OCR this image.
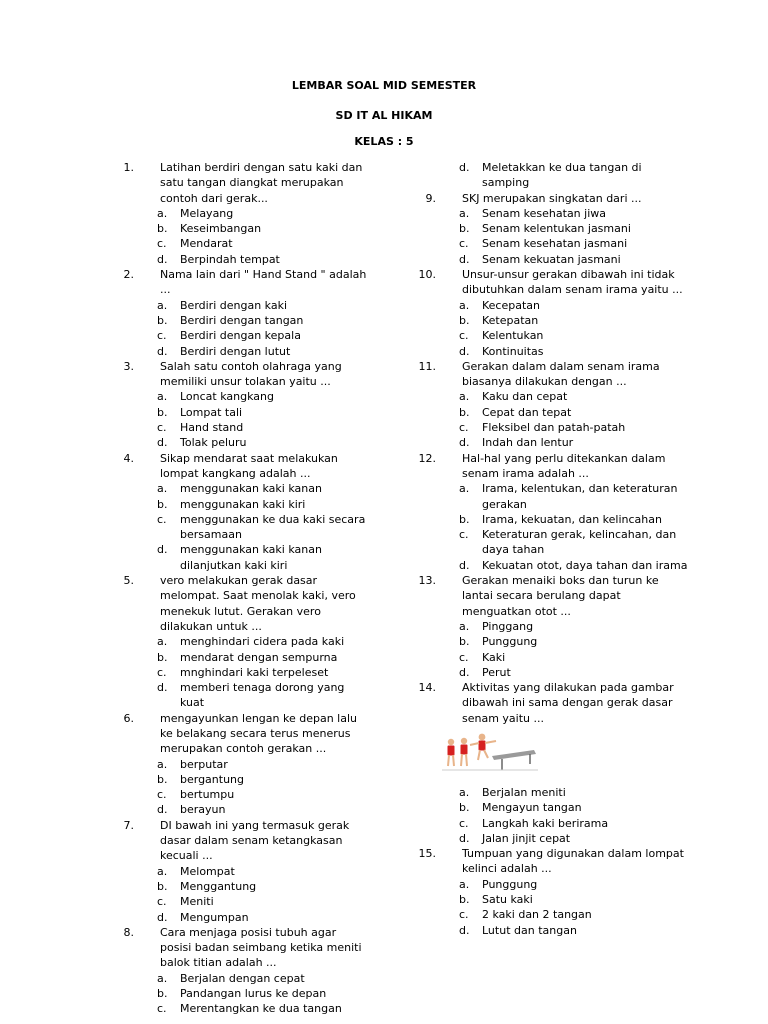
LEMBAR SOAL MID SEMESTER
SD IT AL HIKAM
KELAS : 5
1. Latihan berdiri dengan satu kaki dan satu tangan diangkat merupakan contoh dari gerak...
a.	Melayang
b.	Keseimbangan
c.	Mendarat
d.	Berpindah tempat
2. Nama lain dari " Hand Stand " adalah ...
a.	Berdiri dengan kaki
b.	Berdiri dengan tangan
c.	Berdiri dengan kepala
d.	Berdiri dengan lutut
3. Salah satu contoh olahraga yang memiliki unsur tolakan yaitu ...
a.	Loncat kangkang
b.	Lompat tali
c.	Hand stand
d.	Tolak peluru
4. Sikap mendarat saat melakukan lompat kangkang adalah ...
a.	menggunakan kaki kanan
b.	menggunakan kaki kiri
c.	menggunakan ke dua kaki secara bersamaan
d.	menggunakan kaki kanan dilanjutkan kaki kiri
5. vero melakukan gerak dasar melompat. Saat menolak kaki, vero menekuk lutut. Gerakan vero dilakukan untuk ...
a.	menghindari cidera pada kaki
b.	mendarat dengan sempurna
c.	mnghindari kaki terpeleset
d.	memberi tenaga dorong yang kuat
6. mengayunkan lengan ke depan lalu ke belakang secara terus menerus merupakan contoh gerakan ...
a.	berputar
b.	bergantung
c.	bertumpu
d.	berayun
7. DI bawah ini yang termasuk gerak dasar dalam senam ketangkasan kecuali ...
a.	Melompat
b.	Menggantung
c.	Meniti
d.	Mengumpan
8. Cara menjaga posisi tubuh agar posisi badan seimbang ketika meniti balok titian adalah ...
a.	Berjalan dengan cepat
b.	Pandangan lurus ke depan
c.	Merentangkan ke dua tangan
d.	Meletakkan ke dua tangan di samping
9. SKJ merupakan singkatan dari ...
a.	Senam kesehatan jiwa
b.	Senam kelentukan jasmani
c.	Senam kesehatan jasmani
d.	Senam kekuatan jasmani
10. Unsur-unsur gerakan dibawah ini tidak dibutuhkan dalam senam irama yaitu ...
a.	Kecepatan
b.	Ketepatan
c.	Kelentukan
d.	Kontinuitas
11. Gerakan dalam dalam senam irama biasanya dilakukan dengan ...
a.	Kaku dan cepat
b.	Cepat dan tepat
c.	Fleksibel dan patah-patah
d.	Indah dan lentur
12. Hal-hal yang perlu ditekankan dalam senam irama adalah ...
a.	Irama, kelentukan, dan keteraturan gerakan
b.	Irama, kekuatan, dan kelincahan
c.	Keteraturan gerak, kelincahan, dan daya tahan
d.	Kekuatan otot, daya tahan dan irama
13. Gerakan menaiki boks dan turun ke lantai secara berulang dapat menguatkan otot ...
a.	Pinggang
b.	Punggung
c.	Kaki
d.	Perut
14. Aktivitas yang dilakukan pada gambar dibawah ini sama dengan gerak dasar senam yaitu ...
a.	Berjalan meniti
b.	Mengayun tangan
c.	Langkah kaki berirama
d.	Jalan jinjit cepat
15. Tumpuan yang digunakan dalam lompat kelinci adalah ...
a.	Punggung
b.	Satu kaki
c.	2 kaki dan 2 tangan
d.	Lutut dan tangan
